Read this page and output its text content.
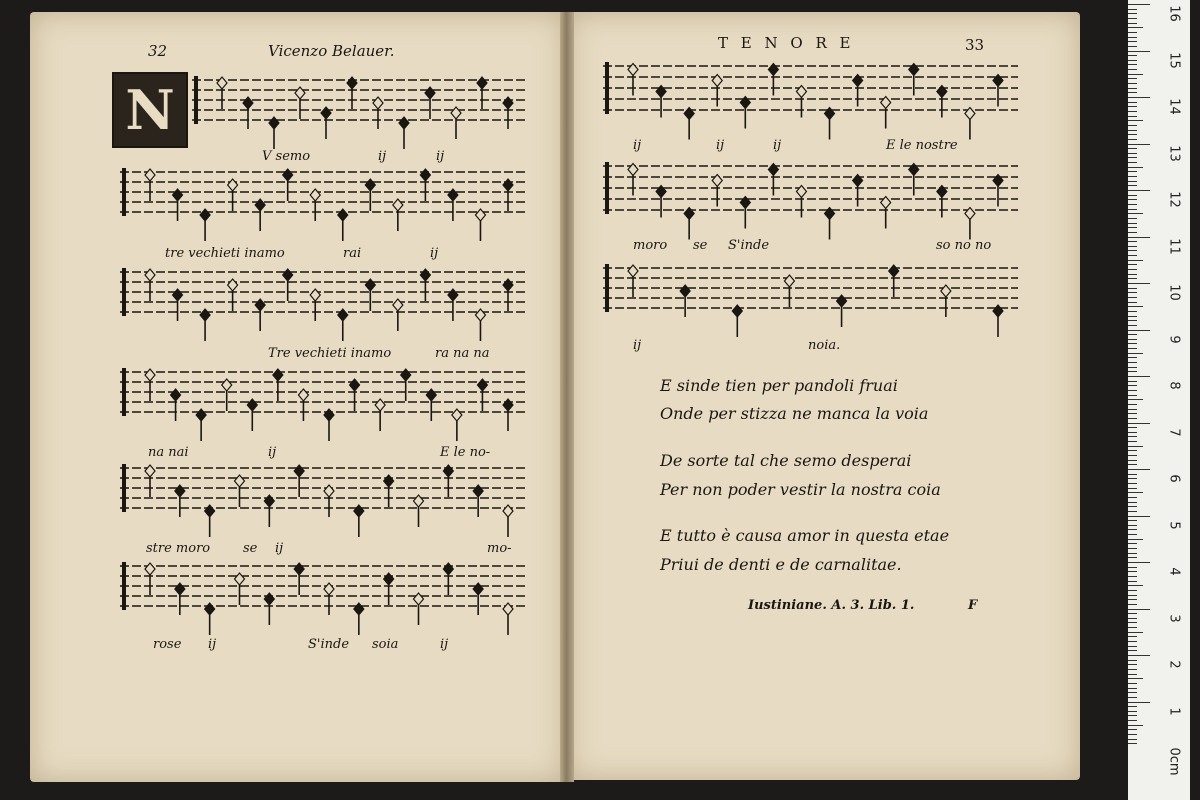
32	Vicenzo Belauer.
N
T E N O R E	33
V semo	ij	ij
tre vechieti inamo	rai	ij
Tre vechieti inamo	ra na na
na nai	ij	E le no-
stre moro	se ij	mo-
rose ij	S'inde soia	ij
ij	ij	ij	E le nostre
moro se S'inde	so no no
ij	noia.
E sinde tien per pandoli fruai
Onde per stizza ne manca la voia
De sorte tal che semo desperai
Per non poder vestir la nostra coia
E tutto è causa amor in questa etae
Priui de denti e de carnalitae.
Iustiniane. A. 3. Lib. 1.	F
16
15
14
13
12
11
10
9
8
7
6
5
4
3
2
1
0cm
